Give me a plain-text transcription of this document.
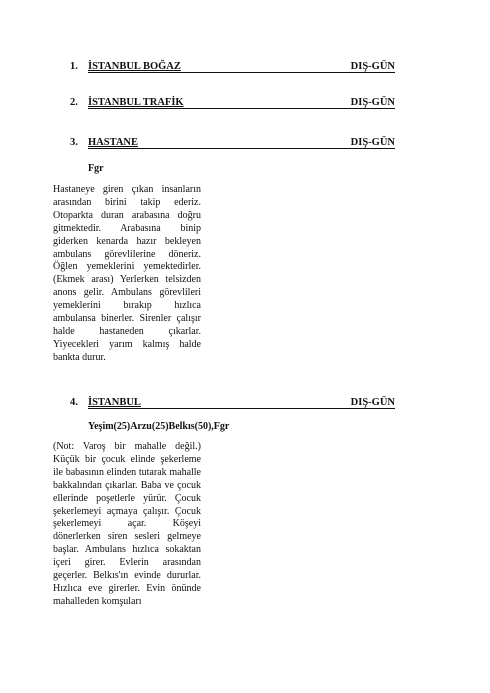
1. İSTANBUL BOĞAZ	DIŞ-GÜN
2. İSTANBUL TRAFİK	DIŞ-GÜN
3. HASTANE	DIŞ-GÜN
Fgr

Hastaneye giren çıkan insanların arasından birini takip ederiz. Otoparkta duran arabasına doğru gitmektedir. Arabasına binip giderken kenarda hazır bekleyen ambulans görevlilerine döneriz. Öğlen yemeklerini yemektedirler.(Ekmek arası) Yerlerken telsizden anons gelir. Ambulans görevlileri yemeklerini bırakıp hızlıca ambulansa binerler. Sirenler çalışır halde hastaneden çıkarlar. Yiyecekleri yarım kalmış halde bankta durur.

4. İSTANBUL	DIŞ-GÜN
Yeşim(25)Arzu(25)Belkıs(50),Fgr

(Not: Varoş bir mahalle değil.) Küçük bir çocuk elinde şekerleme ile babasının elinden tutarak mahalle bakkalından çıkarlar. Baba ve çocuk ellerinde poşetlerle yürür. Çocuk şekerlemeyi açmaya çalışır. Çocuk şekerlemeyi açar. Köşeyi dönerlerken siren sesleri gelmeye başlar. Ambulans hızlıca sokaktan içeri girer. Evlerin arasından geçerler. Belkıs'ın evinde dururlar. Hızlıca eve girerler. Evin önünde mahalleden komşuları
